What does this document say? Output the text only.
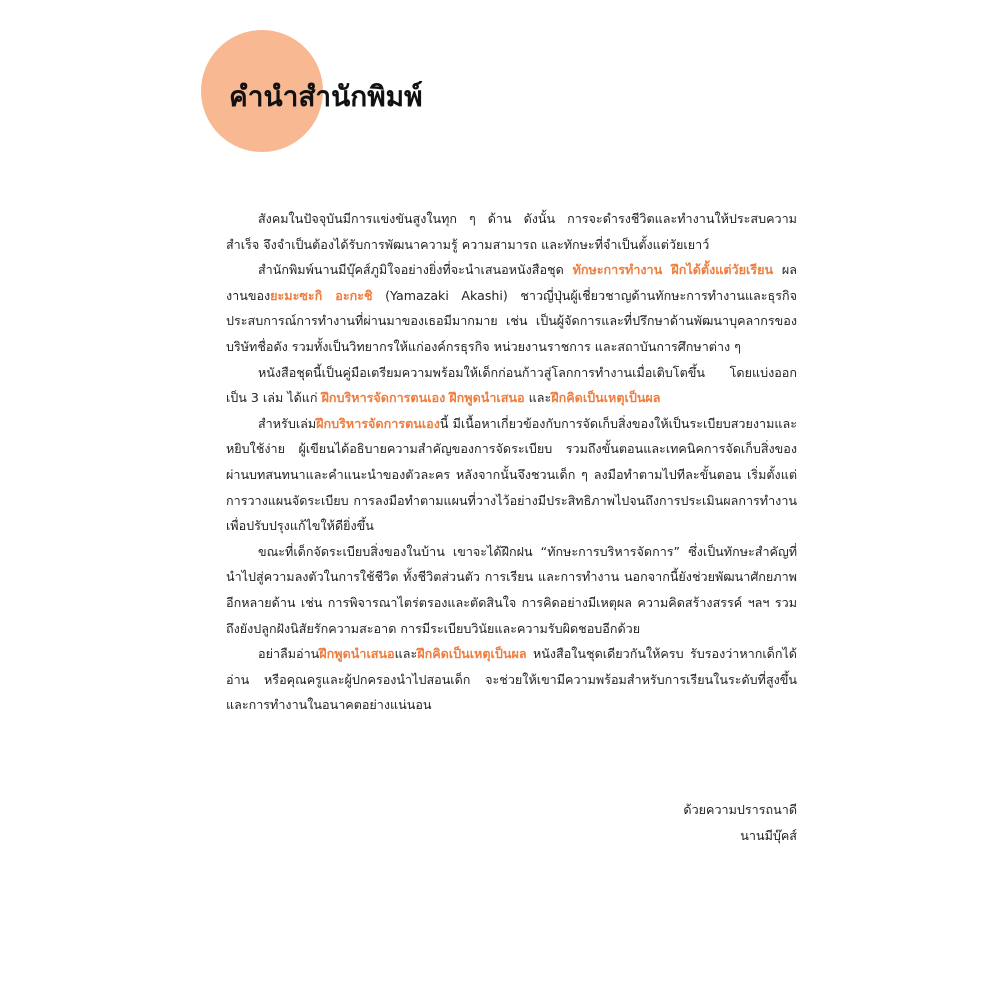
คำนำสำนักพิมพ์

สังคมในปัจจุบันมีการแข่งขันสูงในทุก ๆ ด้าน ดังนั้น การจะดำรงชีวิตและทำงานให้ประสบความสำเร็จ จึงจำเป็นต้องได้รับการพัฒนาความรู้ ความสามารถ และทักษะที่จำเป็นตั้งแต่วัยเยาว์

สำนักพิมพ์นานมีบุ๊คส์ภูมิใจอย่างยิ่งที่จะนำเสนอหนังสือชุด ทักษะการทำงาน ฝึกได้ตั้งแต่วัยเรียน ผลงานของยะมะซะกิ อะกะชิ (Yamazaki Akashi) ชาวญี่ปุ่นผู้เชี่ยวชาญด้านทักษะการทำงานและธุรกิจ ประสบการณ์การทำงานที่ผ่านมาของเธอมีมากมาย เช่น เป็นผู้จัดการและที่ปรึกษาด้านพัฒนาบุคลากรของบริษัทชื่อดัง รวมทั้งเป็นวิทยากรให้แก่องค์กรธุรกิจ หน่วยงานราชการ และสถาบันการศึกษาต่าง ๆ

หนังสือชุดนี้เป็นคู่มือเตรียมความพร้อมให้เด็กก่อนก้าวสู่โลกการทำงานเมื่อเติบโตขึ้น โดยแบ่งออกเป็น 3 เล่ม ได้แก่ ฝึกบริหารจัดการตนเอง ฝึกพูดนำเสนอ และฝึกคิดเป็นเหตุเป็นผล

สำหรับเล่มฝึกบริหารจัดการตนเองนี้ มีเนื้อหาเกี่ยวข้องกับการจัดเก็บสิ่งของให้เป็นระเบียบสวยงามและหยิบใช้ง่าย ผู้เขียนได้อธิบายความสำคัญของการจัดระเบียบ รวมถึงขั้นตอนและเทคนิคการจัดเก็บสิ่งของผ่านบทสนทนาและคำแนะนำของตัวละคร หลังจากนั้นจึงชวนเด็ก ๆ ลงมือทำตามไปทีละขั้นตอน เริ่มตั้งแต่การวางแผนจัดระเบียบ การลงมือทำตามแผนที่วางไว้อย่างมีประสิทธิภาพไปจนถึงการประเมินผลการทำงานเพื่อปรับปรุงแก้ไขให้ดียิ่งขึ้น

ขณะที่เด็กจัดระเบียบสิ่งของในบ้าน เขาจะได้ฝึกฝน “ทักษะการบริหารจัดการ” ซึ่งเป็นทักษะสำคัญที่นำไปสู่ความลงตัวในการใช้ชีวิต ทั้งชีวิตส่วนตัว การเรียน และการทำงาน นอกจากนี้ยังช่วยพัฒนาศักยภาพอีกหลายด้าน เช่น การพิจารณาไตร่ตรองและตัดสินใจ การคิดอย่างมีเหตุผล ความคิดสร้างสรรค์ ฯลฯ รวมถึงยังปลูกฝังนิสัยรักความสะอาด การมีระเบียบวินัยและความรับผิดชอบอีกด้วย

อย่าลืมอ่านฝึกพูดนำเสนอและฝึกคิดเป็นเหตุเป็นผล หนังสือในชุดเดียวกันให้ครบ รับรองว่าหากเด็กได้อ่าน หรือคุณครูและผู้ปกครองนำไปสอนเด็ก จะช่วยให้เขามีความพร้อมสำหรับการเรียนในระดับที่สูงขึ้นและการทำงานในอนาคตอย่างแน่นอน

ด้วยความปรารถนาดี
นานมีบุ๊คส์
